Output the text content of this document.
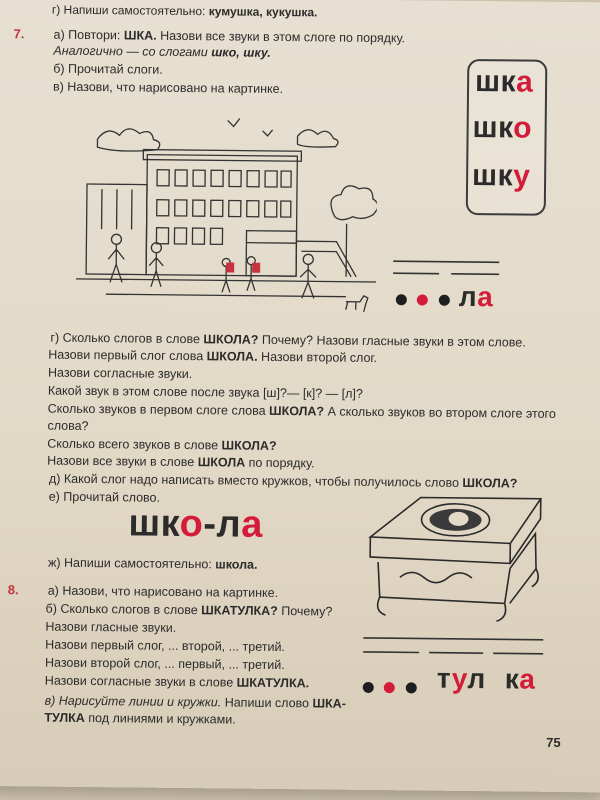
г) Напиши самостоятельно: кумушка, кукушка.
7. а) Повтори: ШКА. Назови все звуки в этом слоге по порядку.
Аналогично — со слогами шко, шку.
б) Прочитай слоги.
в) Назови, что нарисовано на картинке.	шка
шко
шку

ла
г) Сколько слогов в слове ШКОЛА? Почему? Назови гласные звуки в этом слове.
Назови первый слог слова ШКОЛА. Назови второй слог.
Назови согласные звуки.
Какой звук в этом слове после звука [ш]?— [к]? — [л]?
Сколько звуков в первом слоге слова ШКОЛА? А сколько звуков во втором слоге этого
слова?
Сколько всего звуков в слове ШКОЛА?
Назови все звуки в слове ШКОЛА по порядку.
д) Какой слог надо написать вместо кружков, чтобы получилось слово ШКОЛА?
е) Прочитай слово.
шко-ла
ж) Напиши самостоятельно: школа.
8. а) Назови, что нарисовано на картинке.
б) Сколько слогов в слове ШКАТУЛКА? Почему?
Назови гласные звуки.
Назови первый слог, ... второй, ... третий.
Назови второй слог, ... первый, ... третий.
Назови согласные звуки в слове ШКАТУЛКА.
в) Нарисуйте линии и кружки. Напиши слово ШКА-
ТУЛКА под линиями и кружками.

тул ка
75
